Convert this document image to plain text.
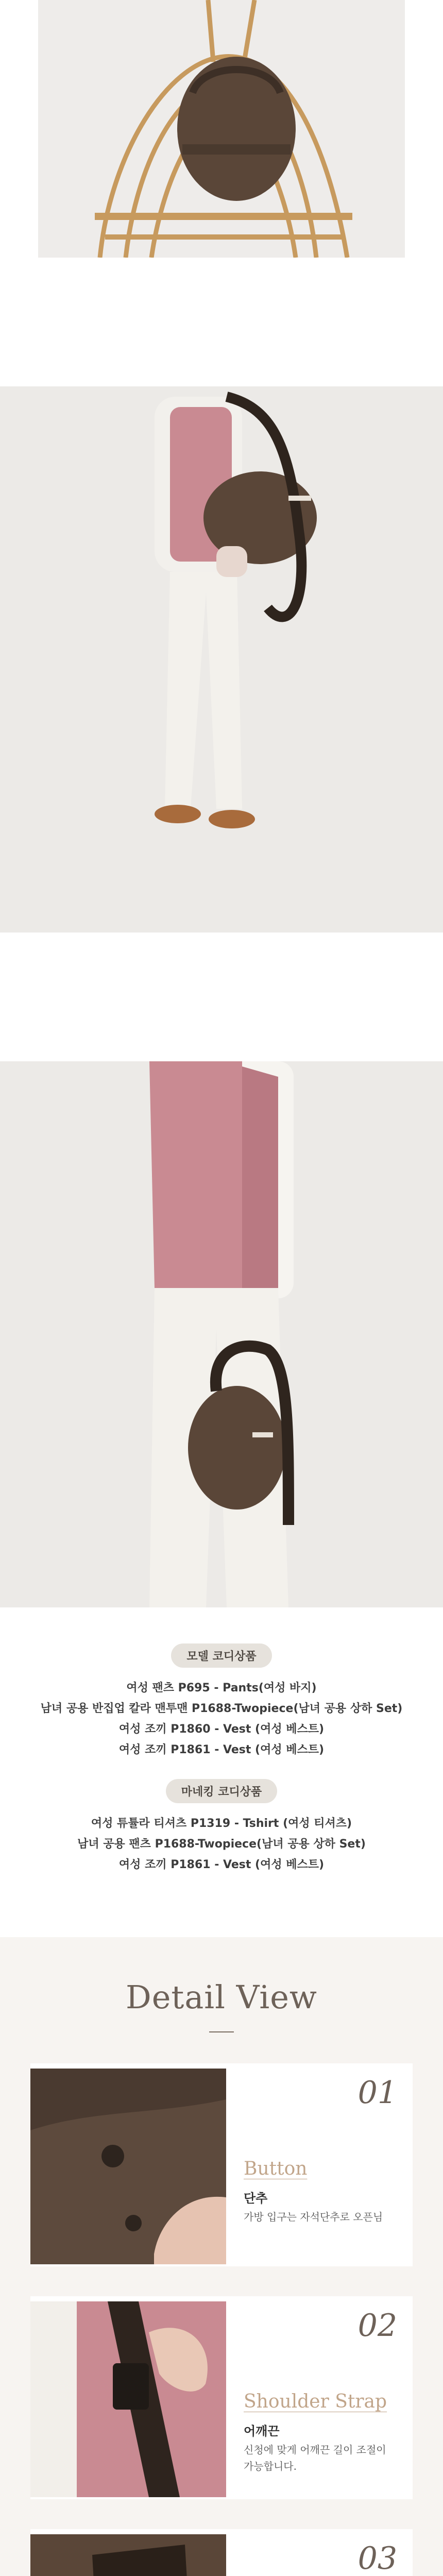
모델 코디상품
여성 팬츠 P695 - Pants(여성 바지)
남녀 공용 반집업 칼라 맨투맨 P1688-Twopiece(남녀 공용 상하 Set)
여성 조끼 P1860 - Vest (여성 베스트)
여성 조끼 P1861 - Vest (여성 베스트)
마네킹 코디상품
여성 튜튤라 티셔츠 P1319 - Tshirt (여성 티셔츠)
남녀 공용 팬츠 P1688-Twopiece(남녀 공용 상하 Set)
여성 조끼 P1861 - Vest (여성 베스트)
Detail View
01
Button
단추
가방 입구는 자석단추로 오픈님
02
Shoulder Strap
어깨끈
신청에 맞게 어깨끈 길이 조절이 가능합니다.
03
